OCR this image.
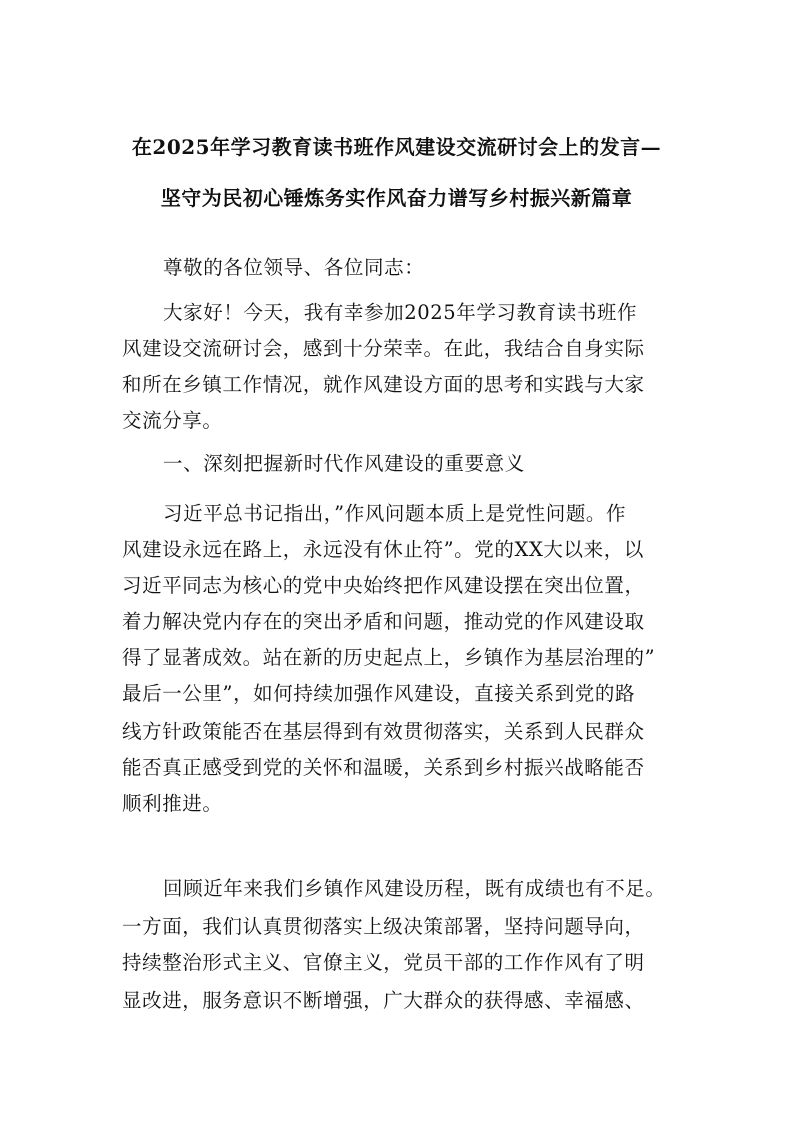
在2025年学习教育读书班作风建设交流研讨会上的发言—
坚守为民初心锤炼务实作风奋力谱写乡村振兴新篇章
尊敬的各位领导、各位同志：
大家好！今天，我有幸参加2025年学习教育读书班作
风建设交流研讨会，感到十分荣幸。在此，我结合自身实际
和所在乡镇工作情况，就作风建设方面的思考和实践与大家
交流分享。
一、深刻把握新时代作风建设的重要意义
习近平总书记指出，”作风问题本质上是党性问题。作
风建设永远在路上，永远没有休止符”。党的XX大以来，以
习近平同志为核心的党中央始终把作风建设摆在突出位置，
着力解决党内存在的突出矛盾和问题，推动党的作风建设取
得了显著成效。站在新的历史起点上，乡镇作为基层治理的”
最后一公里”，如何持续加强作风建设，直接关系到党的路
线方针政策能否在基层得到有效贯彻落实，关系到人民群众
能否真正感受到党的关怀和温暖，关系到乡村振兴战略能否
顺利推进。
回顾近年来我们乡镇作风建设历程，既有成绩也有不足。
一方面，我们认真贯彻落实上级决策部署，坚持问题导向，
持续整治形式主义、官僚主义，党员干部的工作作风有了明
显改进，服务意识不断增强，广大群众的获得感、幸福感、
